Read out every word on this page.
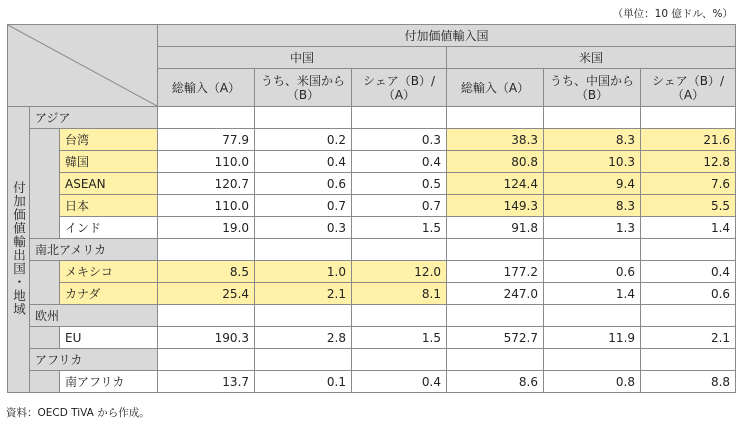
（単位：10 億ドル、%）
	付加価値輸入国					
			中国			米国		
			総輸入（A）	うち、米国から（B）	シェア（B）/（A）	総輸入（A）	うち、中国から（B）	シェア（B）/（A）
付加価値輸出国・地域	アジア							
		台湾	77.9	0.2	0.3	38.3	8.3	21.6
		韓国	110.0	0.4	0.4	80.8	10.3	12.8
		ASEAN	120.7	0.6	0.5	124.4	9.4	7.6
		日本	110.0	0.7	0.7	149.3	8.3	5.5
		インド	19.0	0.3	1.5	91.8	1.3	1.4
	南北アメリカ							
		メキシコ	8.5	1.0	12.0	177.2	0.6	0.4
		カナダ	25.4	2.1	8.1	247.0	1.4	0.6
	欧州							
		EU	190.3	2.8	1.5	572.7	11.9	2.1
	アフリカ							
		南アフリカ	13.7	0.1	0.4	8.6	0.8	8.8
資料：OECD TiVA から作成。
